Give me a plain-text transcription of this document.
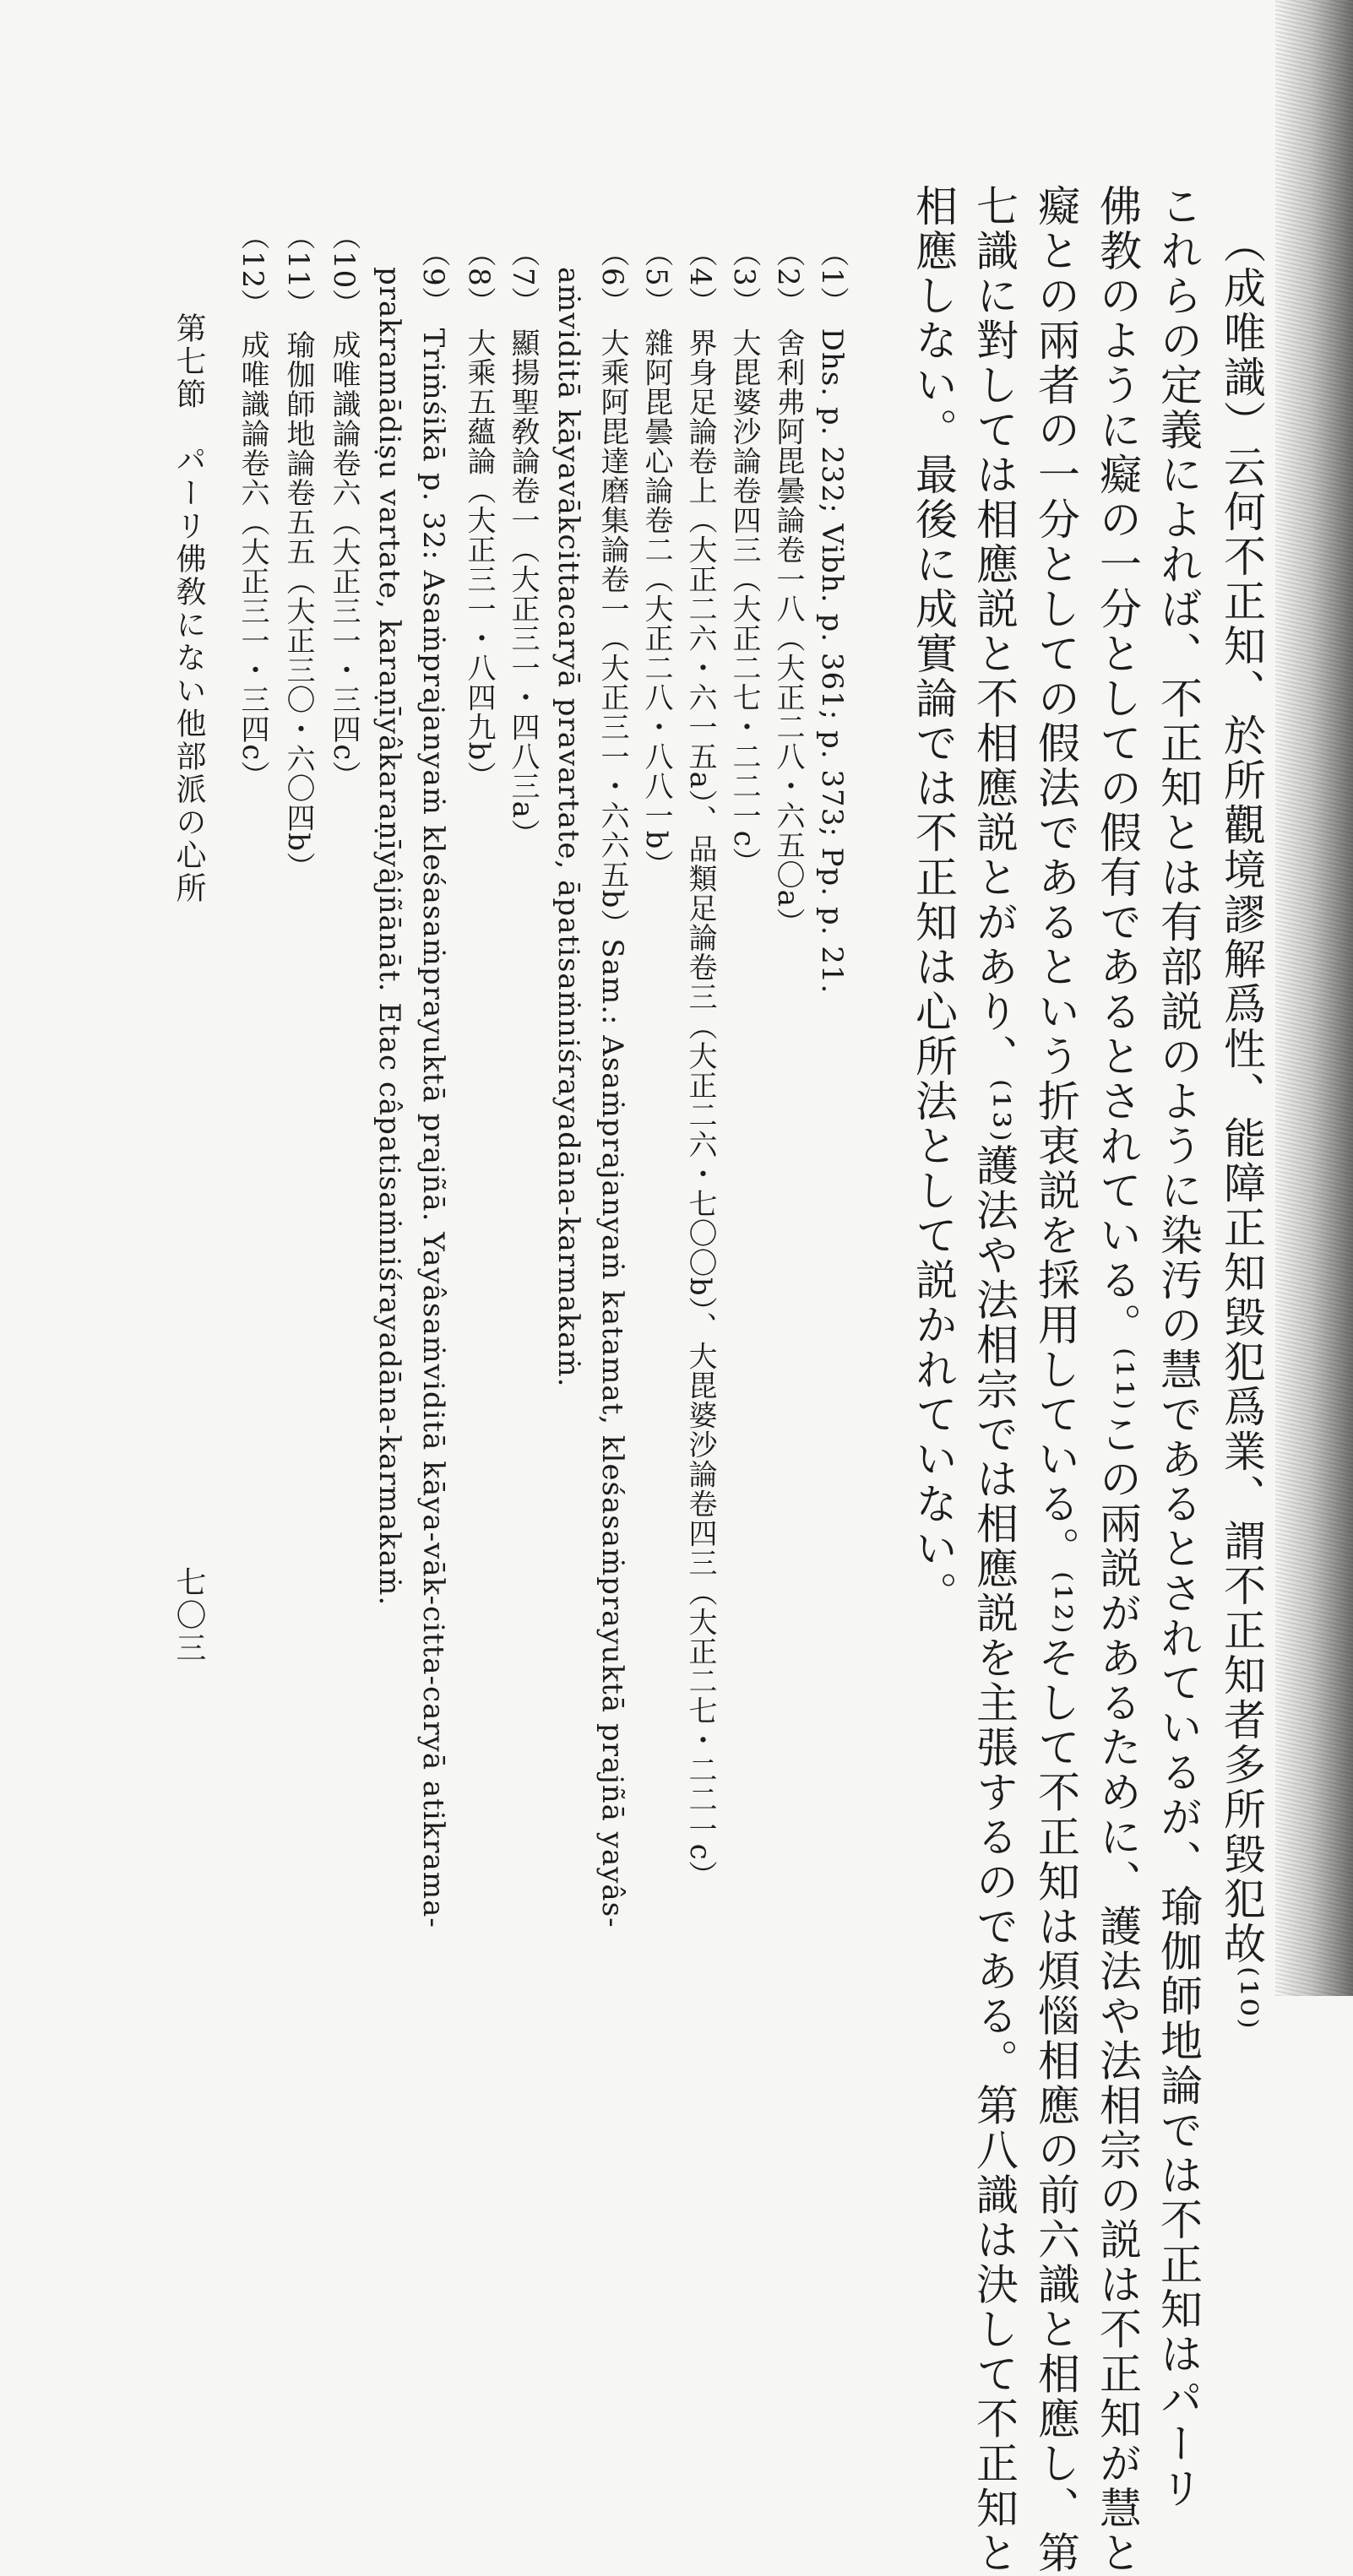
（成唯識）云何不正知、於所觀境謬解爲性、能障正知毀犯爲業、謂不正知者多所毀犯故⁽¹⁰⁾
これらの定義によれば、不正知とは有部説のように染汚の慧であるとされているが、瑜伽師地論では不正知はパーリ
佛教のように癡の一分としての假有であるとされている。⁽¹¹⁾この兩説があるために、護法や法相宗の説は不正知が慧と
癡との兩者の一分としての假法であるという折衷説を採用している。⁽¹²⁾そして不正知は煩惱相應の前六識と相應し、第
七識に對しては相應説と不相應説とがあり、⁽¹³⁾護法や法相宗では相應説を主張するのである。第八識は決して不正知と
相應しない。最後に成實論では不正知は心所法として説かれていない。
（1）Dhs. p. 232; Vibh. p. 361; p. 373; Pp. p. 21.
（2）舍利弗阿毘曇論卷一八（大正二八・六五〇a）
（3）大毘婆沙論卷四三（大正二七・二二一c）
（4）界身足論卷上（大正二六・六一五a）、品類足論卷三（大正二六・七〇〇b）、大毘婆沙論卷四三（大正二七・二二一c）
（5）雜阿毘曇心論卷二（大正二八・八八一b）
（6）大乘阿毘達磨集論卷一（大正三一・六六五b）Sam.: Asaṁprajanyaṁ katamat, kleśasaṁprayuktā prajñā yayâs-
aṁviditā kāyavākcittacaryā pravartate, āpatisaṁniśrayadāna-karmakaṁ.
（7）顯揚聖敎論卷一（大正三一・四八三a）
（8）大乘五蘊論（大正三一・八四九b）
（9）Triṁśikā p. 32: Asaṁprajanyaṁ kleśasaṁprayuktā prajñā. Yayâsaṁviditā kāya-vāk-citta-caryā atikrama-
prakramādiṣu vartate, karaṇīyâkaraṇīyâjñānāt. Etac câpatisaṁniśrayadāna-karmakaṁ.
（10）成唯識論卷六（大正三一・三四c）
（11）瑜伽師地論卷五五（大正三〇・六〇四b）
（12）成唯識論卷六（大正三一・三四c）
第七節　パーリ佛敎にない他部派の心所
七〇三
